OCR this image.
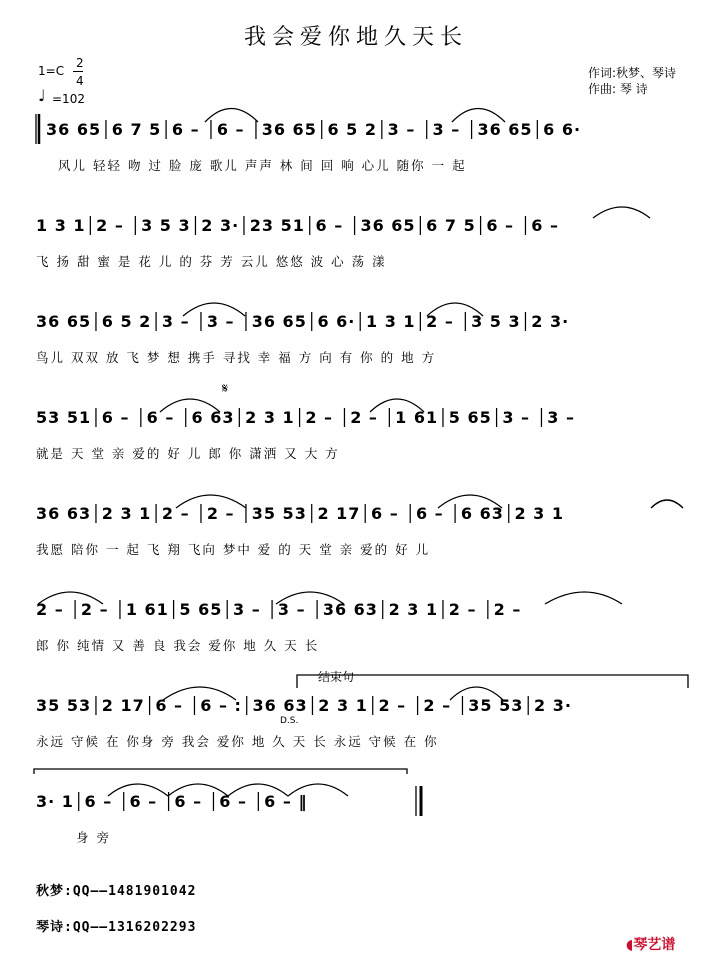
我会爱你地久天长
1=C
2
4
♩ =102
作词:秋梦、琴诗
作曲: 琴 诗
𝄋
36 65│6 7 5│6 – │6 – │36 65│6 5 2│3 – │3 – │36 65│6 6·
风儿 轻轻 吻 过 脸 庞 歌儿 声声 林 间 回 响 心儿 随你 一 起
1 3 1│2 – │3 5 3│2 3·│23 51│6 – │36 65│6 7 5│6 – │6 –
飞 扬 甜 蜜 是 花 儿 的 芬 芳 云儿 悠悠 波 心 荡 漾
36 65│6 5 2│3 – │3 – │36 65│6 6·│1 3 1│2 – │3 5 3│2 3·
鸟儿 双双 放 飞 梦 想 携手 寻找 幸 福 方 向 有 你 的 地 方
53 51│6 – │6 – │6 63│2 3 1│2 – │2 – │1 61│5 65│3 – │3 –
就是 天 堂 亲 爱的 好 儿 郎 你 潇洒 又 大 方
36 63│2 3 1│2 – │2 – │35 53│2 17│6 – │6 – │6 63│2 3 1
我愿 陪你 一 起 飞 翔 飞向 梦中 爱 的 天 堂 亲 爱的 好 儿
2 – │2 – │1 61│5 65│3 – │3 – │36 63│2 3 1│2 – │2 –
郎 你 纯情 又 善 良 我会 爱你 地 久 天 长
结束句
35 53│2 17│6 – │6 – :│36 63│2 3 1│2 – │2 – │35 53│2 3·
D.S.
永远 守候 在 你身 旁 我会 爱你 地 久 天 长 永远 守候 在 你
3· 1│6 – │6 – │6 – │6 – │6 – ‖
身 旁
秋梦:QQ——1481901042
琴诗:QQ——1316202293
◖琴艺谱
